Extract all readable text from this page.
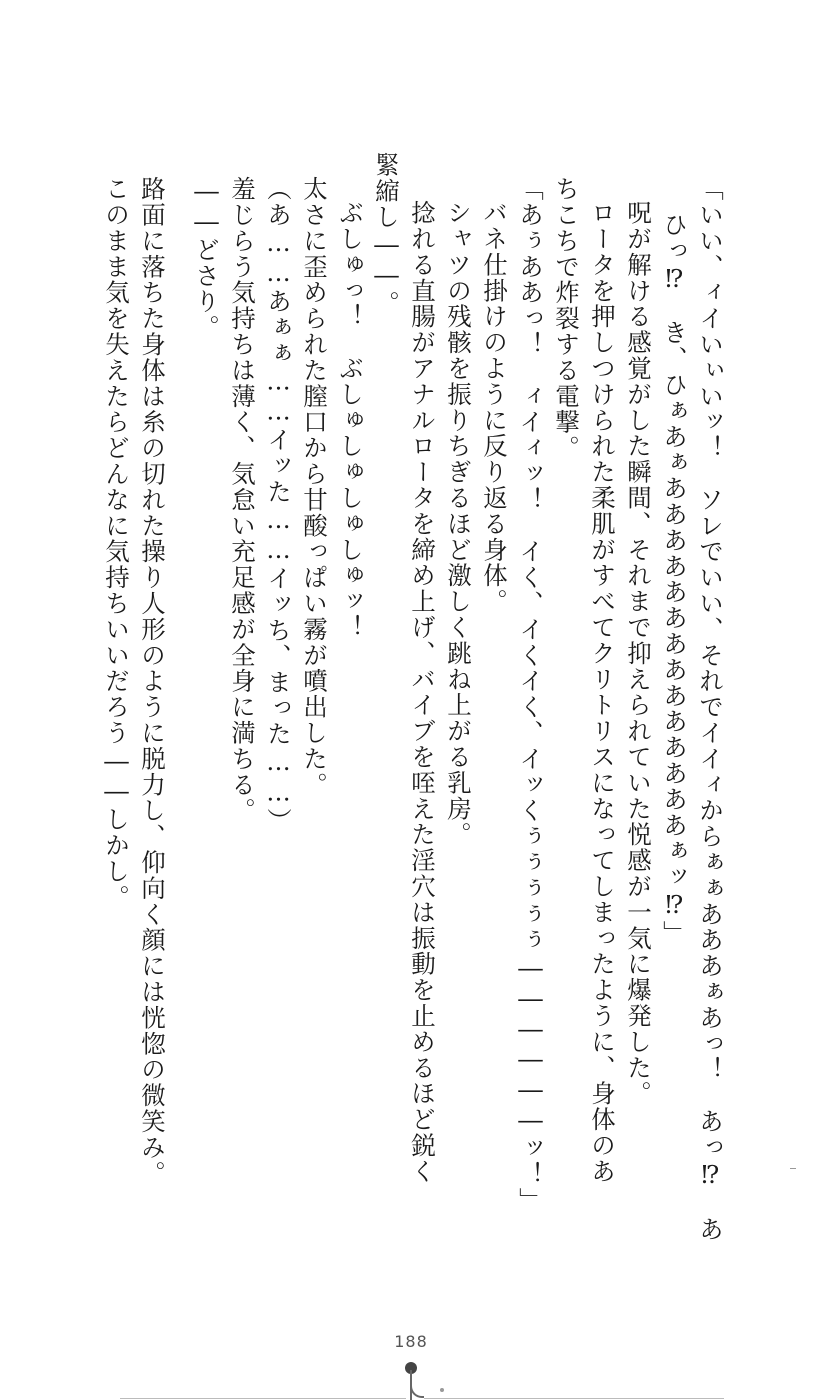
「いい、ィイいぃいッ！　ソレでいい、それでイイィからぁぁあああぁあっ！　あっ⁉　あ
ひっ⁉　き、ひぁあぁああああああああああああああぁッ⁉」
呪が解ける感覚がした瞬間、それまで抑えられていた悦感が一気に爆発した。
ロータを押しつけられた柔肌がすべてクリトリスになってしまったように、身体のあ
ちこちで炸裂する電撃。
「あぅああっ！　ィイィッ！　イく、イくイく、イッくぅぅぅぅぅ――――――ッ！」
バネ仕掛けのように反り返る身体。
シャツの残骸を振りちぎるほど激しく跳ね上がる乳房。
捻れる直腸がアナルロータを締め上げ、バイブを咥えた淫穴は振動を止めるほど鋭く
緊縮し――。
ぶしゅっ！　ぶしゅしゅしゅしゅッ！
太さに歪められた膣口から甘酸っぱい霧が噴出した。
（あ……あぁぁ……イッた……イッち、まった……）
羞じらう気持ちは薄く、気怠い充足感が全身に満ちる。
――どさり。
路面に落ちた身体は糸の切れた操り人形のように脱力し、仰向く顔には恍惚の微笑み。
このまま気を失えたらどんなに気持ちいいだろう――しかし。
188
